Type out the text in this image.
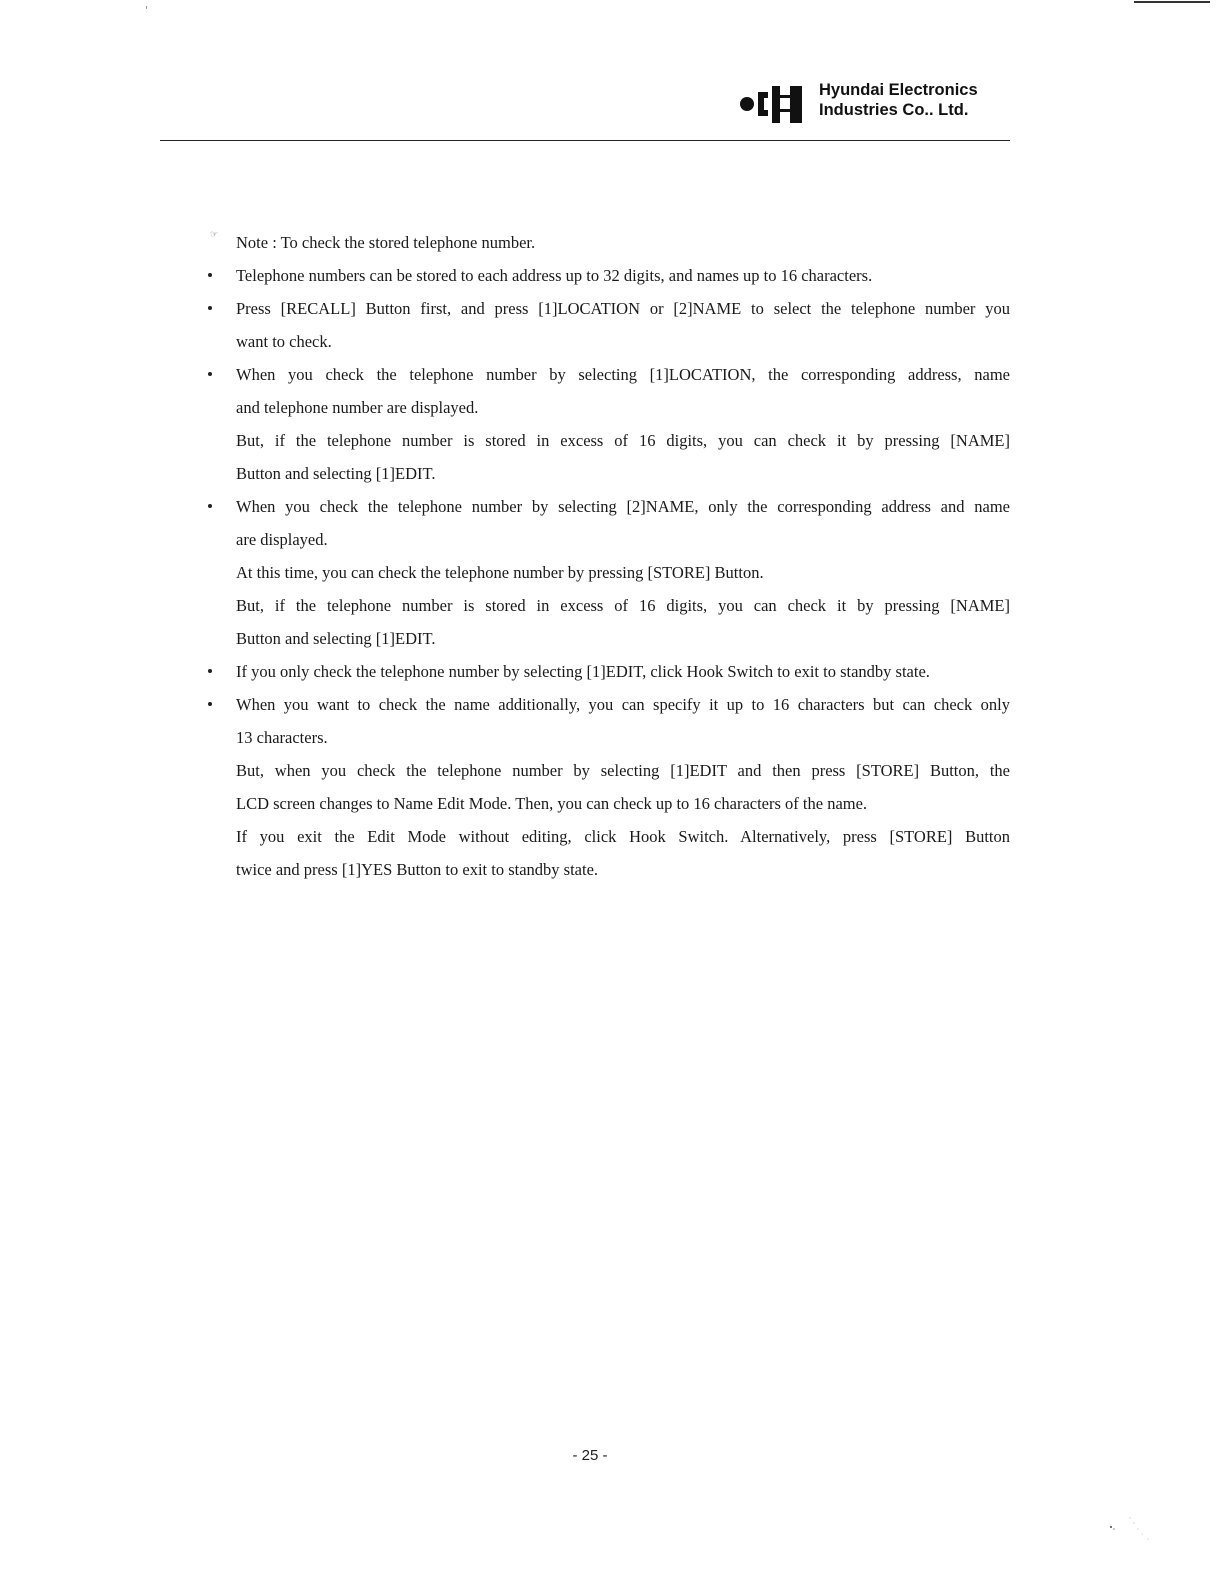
Hyundai Electronics
Industries Co.. Ltd.
☞ Note : To check the stored telephone number.
Telephone numbers can be stored to each address up to 32 digits, and names up to 16 characters.
Press [RECALL] Button first, and press [1]LOCATION or [2]NAME to select the telephone number you
want to check.
When you check the telephone number by selecting [1]LOCATION, the corresponding address, name
and telephone number are displayed.
But, if the telephone number is stored in excess of 16 digits, you can check it by pressing [NAME]
Button and selecting [1]EDIT.
When you check the telephone number by selecting [2]NAME, only the corresponding address and name
are displayed.
At this time, you can check the telephone number by pressing [STORE] Button.
But, if the telephone number is stored in excess of 16 digits, you can check it by pressing [NAME]
Button and selecting [1]EDIT.
If you only check the telephone number by selecting [1]EDIT, click Hook Switch to exit to standby state.
When you want to check the name additionally, you can specify it up to 16 characters but can check only
13 characters.
But, when you check the telephone number by selecting [1]EDIT and then press [STORE] Button, the
LCD screen changes to Name Edit Mode. Then, you can check up to 16 characters of the name.
If you exit the Edit Mode without editing, click Hook Switch. Alternatively, press [STORE] Button
twice and press [1]YES Button to exit to standby state.
- 25 -
